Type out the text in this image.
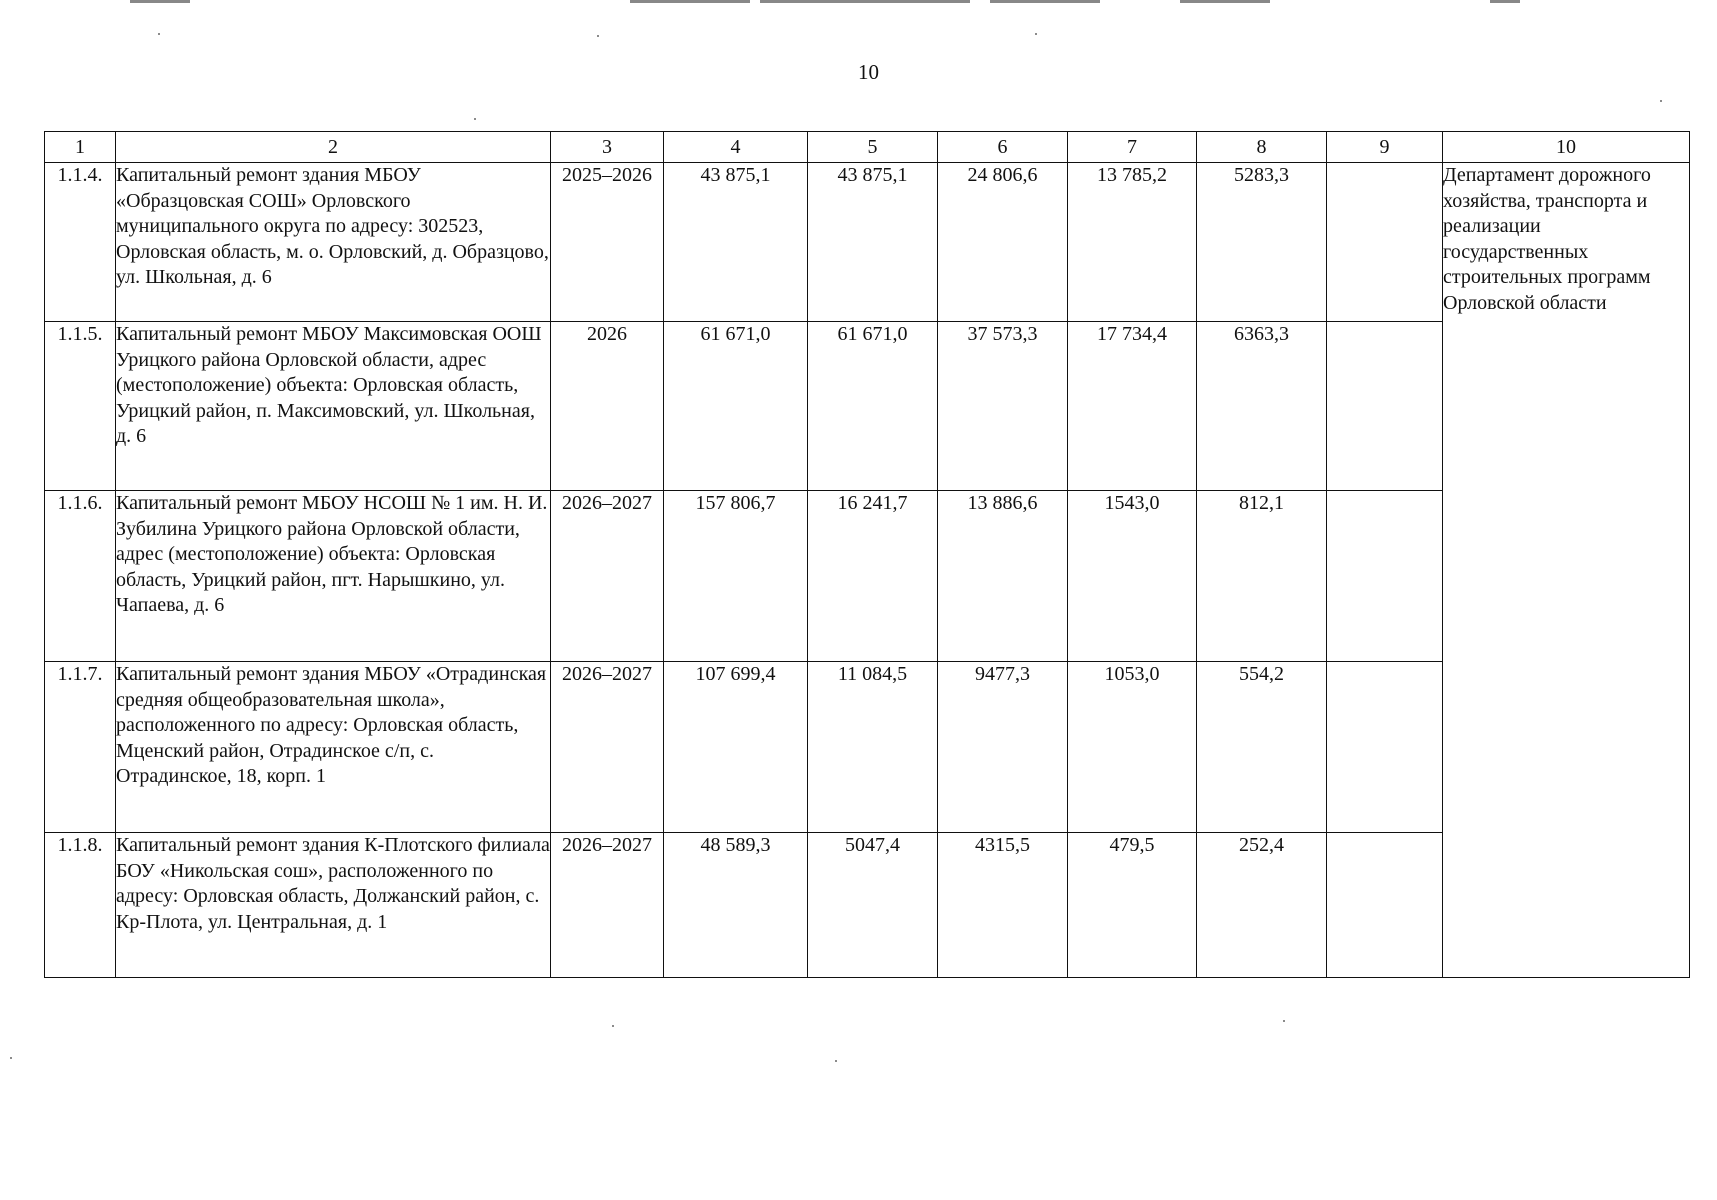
10
1	2	3	4	5	6	7	8	9	10
1.1.4.	Капитальный ремонт здания МБОУ «Образцовская СОШ» Орловского муниципального округа по адресу: 302523, Орловская область, м. о. Орловский, д. Образцово, ул. Школьная, д. 6	2025–2026	43 875,1	43 875,1	24 806,6	13 785,2	5283,3		Департамент дорожного хозяйства, транспорта и реализации государственных строительных программ Орловской области
1.1.5.	Капитальный ремонт МБОУ Максимовская ООШ Урицкого района Орловской области, адрес (местоположение) объекта: Орловская область, Урицкий район, п. Максимовский, ул. Школьная, д. 6	2026	61 671,0	61 671,0	37 573,3	17 734,4	6363,3		
1.1.6.	Капитальный ремонт МБОУ НСОШ № 1 им. Н. И. Зубилина Урицкого района Орловской области, адрес (местоположение) объекта: Орловская область, Урицкий район, пгт. Нарышкино, ул. Чапаева, д. 6	2026–2027	157 806,7	16 241,7	13 886,6	1543,0	812,1		
1.1.7.	Капитальный ремонт здания МБОУ «Отрадинская средняя общеобразовательная школа», расположенного по адресу: Орловская область, Мценский район, Отрадинское с/п, с. Отрадинское, 18, корп. 1	2026–2027	107 699,4	11 084,5	9477,3	1053,0	554,2		
1.1.8.	Капитальный ремонт здания К-Плотского филиала БОУ «Никольская сош», расположенного по адресу: Орловская область, Должанский район, с. Кр-Плота, ул. Центральная, д. 1	2026–2027	48 589,3	5047,4	4315,5	479,5	252,4		
